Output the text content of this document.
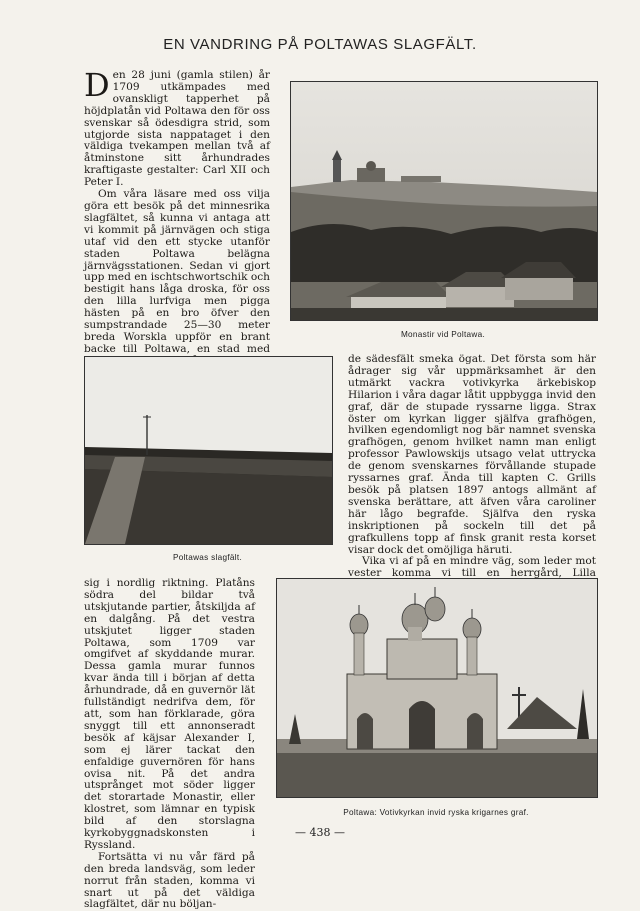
EN VANDRING PÅ POLTAWAS SLAGFÄLT.

Den 28 juni (gamla stilen) år 1709 utkämpades med ovanskligt tapperhet på höjdplatån vid Poltawa den för oss svenskar så ödesdigra strid, som utgjorde sista nappataget i den väldiga tvekampen mellan två af åtminstone sitt århundrades kraftigaste gestalter: Carl XII och Peter I.

Om våra läsare med oss vilja göra ett besök på det minnesrika slagfältet, så kunna vi antaga att vi kommit på järnvägen och stiga utaf vid den ett stycke utanför staden Poltawa belägna järnvägsstationen. Sedan vi gjort upp med en ischtschwortschik och bestigit hans låga droska, för oss den lilla lurfviga men pigga hästen på en bro öfver den sumpstrandade 25—30 meter breda Worskla uppför en brant backe till Poltawa, en stad med

Monastir vid Poltawa.
Poltawas slagfält.

de sädesfält smeka ögat. Det första som här ådrager sig vår uppmärksamhet är den utmärkt vackra votivkyrka ärkebiskop Hilarion i våra dagar låtit uppbygga invid den graf, där de stupade ryssarne ligga. Strax öster om kyrkan ligger själfva grafhögen, hvilken egendomligt nog bär namnet svenska grafhögen, genom hvilket namn man enligt professor Pawlowskijs utsago velat uttrycka de genom svenskarnes förvållande stupade ryssarnes graf. Ända till kapten C. Grills besök på platsen 1897 antogs allmänt af svenska berättare, att äfven våra caroliner här lågo begrafde. Själfva den ryska inskriptionen på sockeln till det på grafkullens topp af finsk granit resta korset visar dock det omöjliga häruti.

Vika vi af på en mindre väg, som leder mot vester komma vi till en herrgård, Lilla

sig i nordlig riktning. Platåns södra del bildar två utskjutande partier, åtskiljda af en dalgång. På det vestra utskjutet ligger staden Poltawa, som 1709 var omgifvet af skyddande murar. Dessa gamla murar funnos kvar ända till i början af detta århundrade, då en guvernör lät fullständigt nedrifva dem, för att, som han förklarade, göra snyggt till ett annonseradt besök af käjsar Alexander I, som ej lärer tackat den enfaldige guvernören för hans ovisa nit. På det andra utsprånget mot söder ligger det storartade Monastir, eller klostret, som lämnar en typisk bild af den storslagna kyrkobyggnadskonsten i Ryssland.

Fortsätta vi nu vår färd på den breda landsväg, som leder norrut från staden, komma vi snart ut på det väldiga slagfältet, där nu böljan-

Poltawa: Votivkyrkan invid ryska krigarnes graf.
— 438 —
